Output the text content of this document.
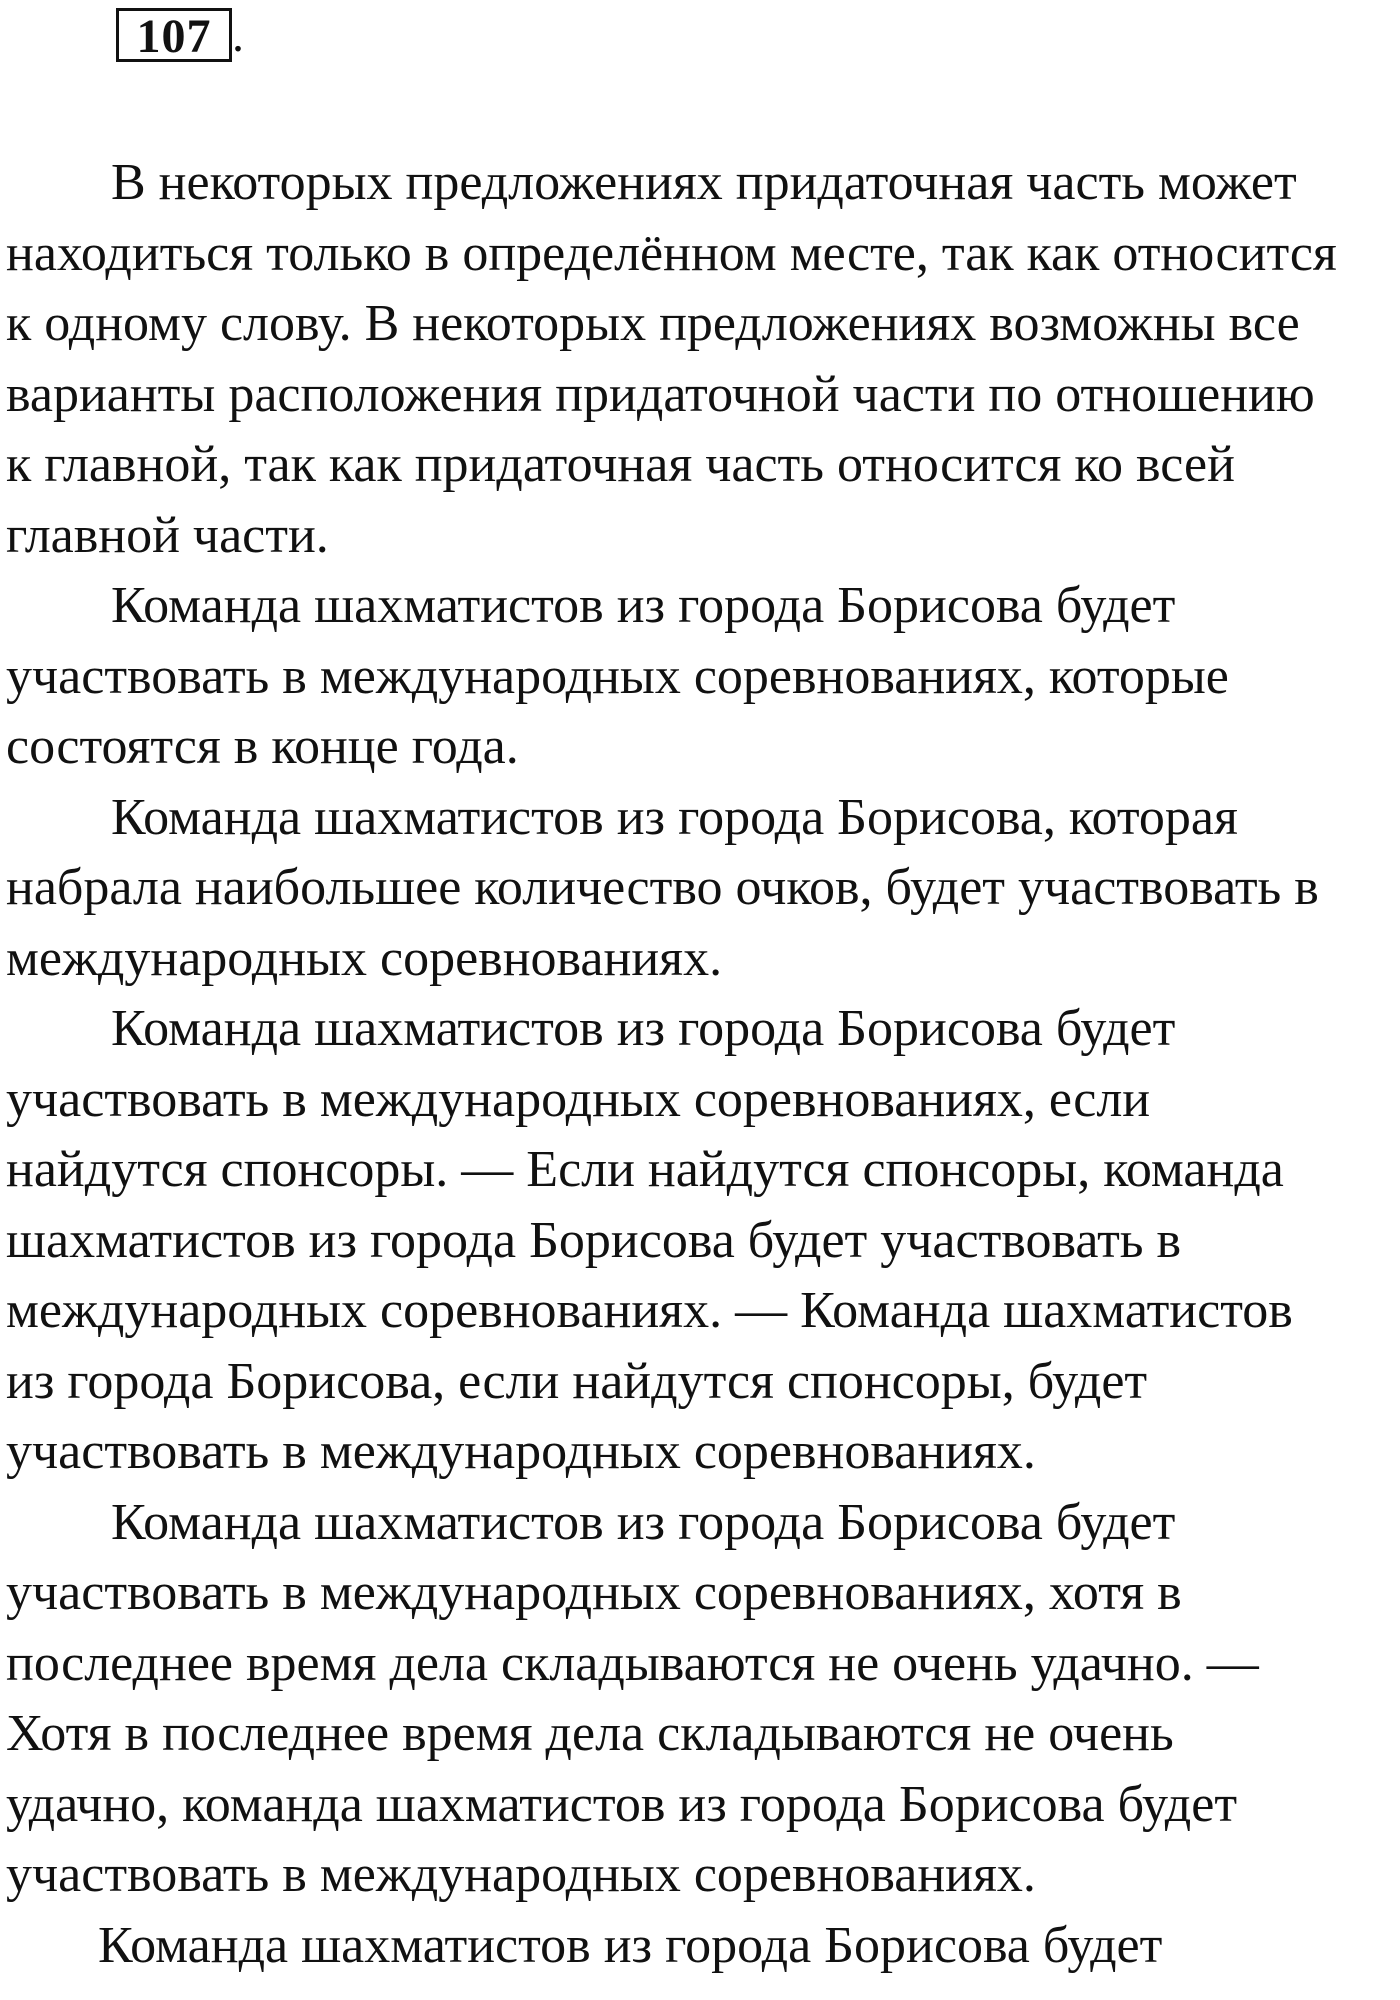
107 .

В некоторых предложениях придаточная часть может
находиться только в определённом месте, так как относится
к одному слову. В некоторых предложениях возможны все
варианты расположения придаточной части по отношению
к главной, так как придаточная часть относится ко всей
главной части.

Команда шахматистов из города Борисова будет
участвовать в международных соревнованиях, которые
состоятся в конце года.

Команда шахматистов из города Борисова, которая
набрала наибольшее количество очков, будет участвовать в
международных соревнованиях.

Команда шахматистов из города Борисова будет
участвовать в международных соревнованиях, если
найдутся спонсоры. — Если найдутся спонсоры, команда
шахматистов из города Борисова будет участвовать в
международных соревнованиях. — Команда шахматистов
из города Борисова, если найдутся спонсоры, будет
участвовать в международных соревнованиях.

Команда шахматистов из города Борисова будет
участвовать в международных соревнованиях, хотя в
последнее время дела складываются не очень удачно. —
Хотя в последнее время дела складываются не очень
удачно, команда шахматистов из города Борисова будет
участвовать в международных соревнованиях.

Команда шахматистов из города Борисова будет
